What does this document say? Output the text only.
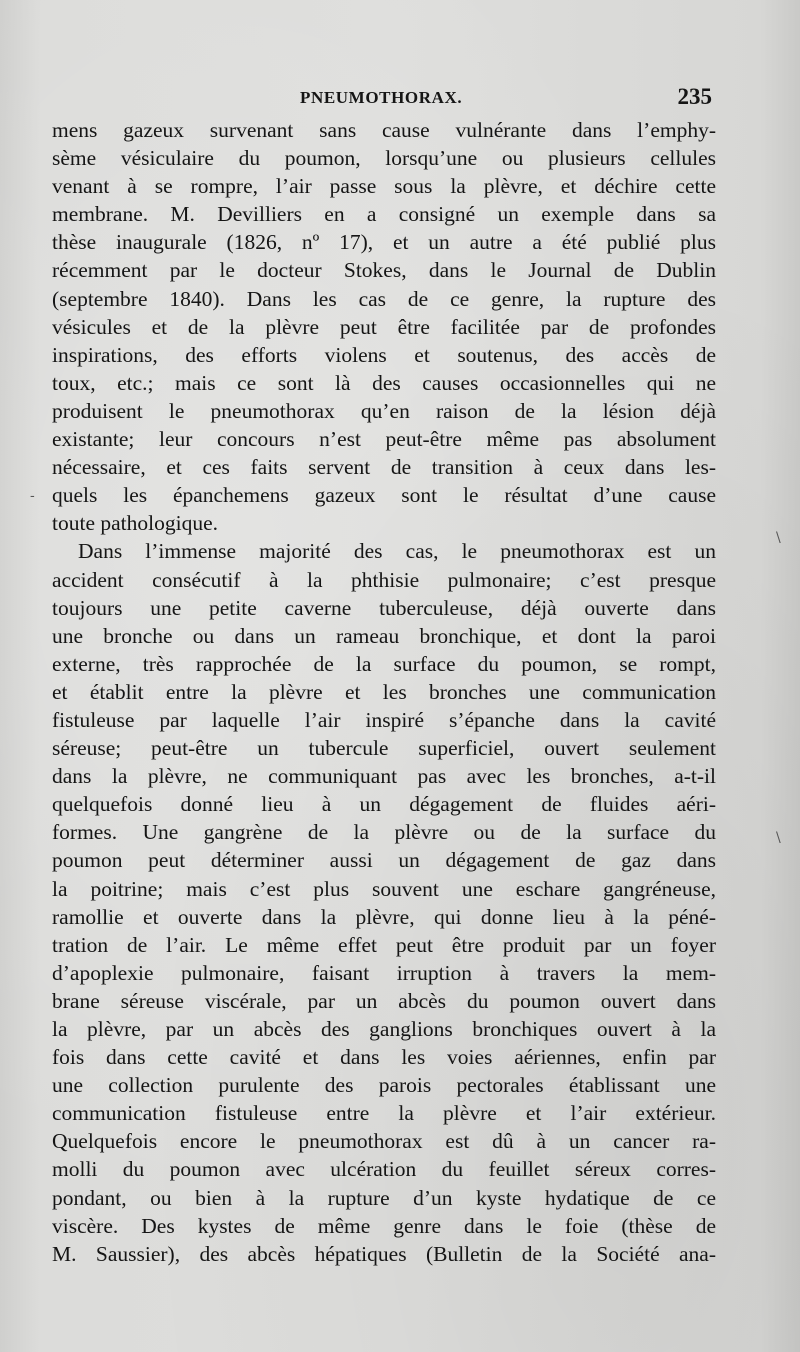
PNEUMOTHORAX.	235
mens gazeux survenant sans cause vulnérante dans l’emphy-
sème vésiculaire du poumon, lorsqu’une ou plusieurs cellules
venant à se rompre, l’air passe sous la plèvre, et déchire cette
membrane. M. Devilliers en a consigné un exemple dans sa
thèse inaugurale (1826, nº 17), et un autre a été publié plus
récemment par le docteur Stokes, dans le Journal de Dublin
(septembre 1840). Dans les cas de ce genre, la rupture des
vésicules et de la plèvre peut être facilitée par de profondes
inspirations, des efforts violens et soutenus, des accès de
toux, etc.; mais ce sont là des causes occasionnelles qui ne
produisent le pneumothorax qu’en raison de la lésion déjà
existante; leur concours n’est peut-être même pas absolument
nécessaire, et ces faits servent de transition à ceux dans les-
quels les épanchemens gazeux sont le résultat d’une cause
toute pathologique.
Dans l’immense majorité des cas, le pneumothorax est un
accident consécutif à la phthisie pulmonaire; c’est presque
toujours une petite caverne tuberculeuse, déjà ouverte dans
une bronche ou dans un rameau bronchique, et dont la paroi
externe, très rapprochée de la surface du poumon, se rompt,
et établit entre la plèvre et les bronches une communication
fistuleuse par laquelle l’air inspiré s’épanche dans la cavité
séreuse; peut-être un tubercule superficiel, ouvert seulement
dans la plèvre, ne communiquant pas avec les bronches, a-t-il
quelquefois donné lieu à un dégagement de fluides aéri-
formes. Une gangrène de la plèvre ou de la surface du
poumon peut déterminer aussi un dégagement de gaz dans
la poitrine; mais c’est plus souvent une eschare gangréneuse,
ramollie et ouverte dans la plèvre, qui donne lieu à la péné-
tration de l’air. Le même effet peut être produit par un foyer
d’apoplexie pulmonaire, faisant irruption à travers la mem-
brane séreuse viscérale, par un abcès du poumon ouvert dans
la plèvre, par un abcès des ganglions bronchiques ouvert à la
fois dans cette cavité et dans les voies aériennes, enfin par
une collection purulente des parois pectorales établissant une
communication fistuleuse entre la plèvre et l’air extérieur.
Quelquefois encore le pneumothorax est dû à un cancer ra-
molli du poumon avec ulcération du feuillet séreux corres-
pondant, ou bien à la rupture d’un kyste hydatique de ce
viscère. Des kystes de même genre dans le foie (thèse de
M. Saussier), des abcès hépatiques (Bulletin de la Société ana-
-
\
\
